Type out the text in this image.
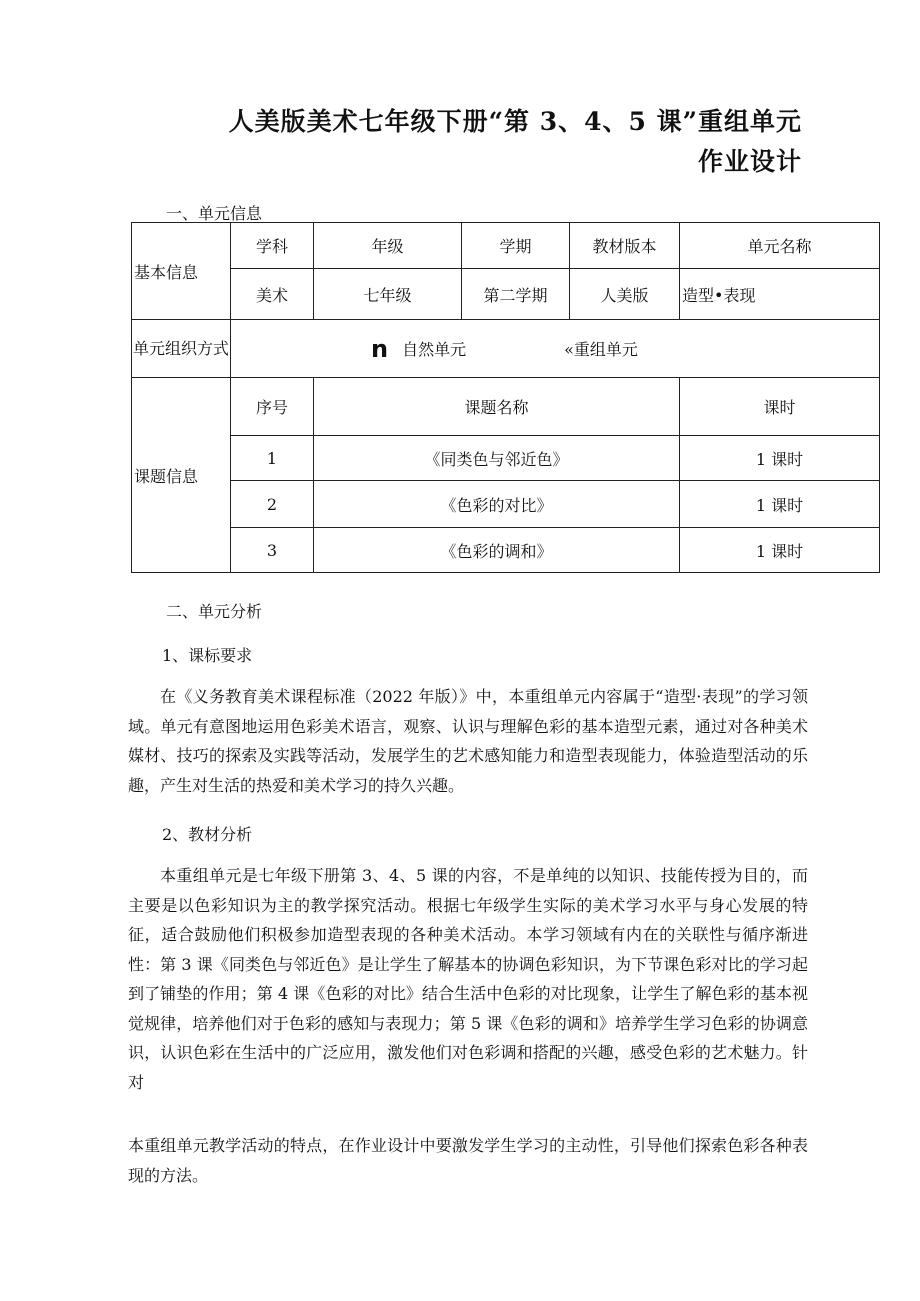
人美版美术七年级下册“第 3、4、5 课”重组单元
作业设计
一、单元信息
基本信息	学科	年级	学期	教材版本	单元名称
	美术	七年级	第二学期	人美版	造型•表现
单元组织方式	n 自然单元 «重组单元				

课题信息	序号	课题名称			课时
	1	《同类色与邻近色》			1 课时
	2	《色彩的对比》			1 课时
	3	《色彩的调和》			1 课时
二、单元分析
1、课标要求

在《义务教育美术课程标准（2022 年版）》中，本重组单元内容属于“造型·表现”的学习领域。单元有意图地运用色彩美术语言，观察、认识与理解色彩的基本造型元素，通过对各种美术媒材、技巧的探索及实践等活动，发展学生的艺术感知能力和造型表现能力，体验造型活动的乐趣，产生对生活的热爱和美术学习的持久兴趣。

2、教材分析

本重组单元是七年级下册第 3、4、5 课的内容，不是单纯的以知识、技能传授为目的，而主要是以色彩知识为主的教学探究活动。根据七年级学生实际的美术学习水平与身心发展的特征，适合鼓励他们积极参加造型表现的各种美术活动。本学习领域有内在的关联性与循序渐进性：第 3 课《同类色与邻近色》是让学生了解基本的协调色彩知识，为下节课色彩对比的学习起到了铺垫的作用；第 4 课《色彩的对比》结合生活中色彩的对比现象，让学生了解色彩的基本视觉规律，培养他们对于色彩的感知与表现力；第 5 课《色彩的调和》培养学生学习色彩的协调意识，认识色彩在生活中的广泛应用，激发他们对色彩调和搭配的兴趣，感受色彩的艺术魅力。针对

本重组单元教学活动的特点，在作业设计中要激发学生学习的主动性，引导他们探索色彩各种表现的方法。
